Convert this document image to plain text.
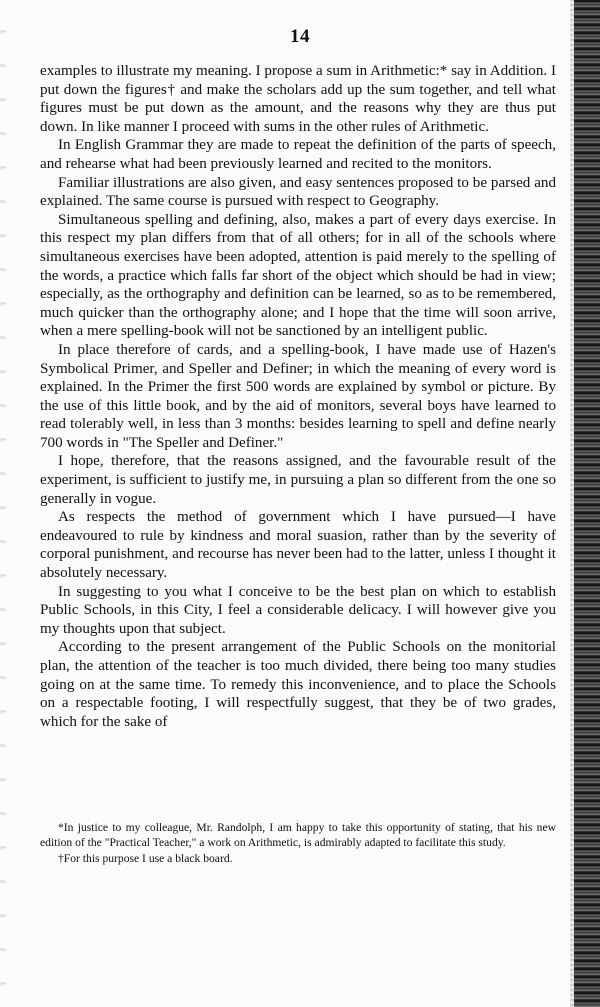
14

examples to illustrate my meaning. I propose a sum in Arithmetic:* say in Addition. I put down the figures† and make the scholars add up the sum together, and tell what figures must be put down as the amount, and the reasons why they are thus put down. In like manner I proceed with sums in the other rules of Arithmetic.

In English Grammar they are made to repeat the definition of the parts of speech, and rehearse what had been previously learned and recited to the monitors.

Familiar illustrations are also given, and easy sentences proposed to be parsed and explained. The same course is pursued with respect to Geography.

Simultaneous spelling and defining, also, makes a part of every days exercise. In this respect my plan differs from that of all others; for in all of the schools where simultaneous exercises have been adopted, attention is paid merely to the spelling of the words, a practice which falls far short of the object which should be had in view; especially, as the orthography and definition can be learned, so as to be remembered, much quicker than the orthography alone; and I hope that the time will soon arrive, when a mere spelling-book will not be sanctioned by an intelligent public.

In place therefore of cards, and a spelling-book, I have made use of Hazen's Symbolical Primer, and Speller and Definer; in which the meaning of every word is explained. In the Primer the first 500 words are explained by symbol or picture. By the use of this little book, and by the aid of monitors, several boys have learned to read tolerably well, in less than 3 months: besides learning to spell and define nearly 700 words in "The Speller and Definer."

I hope, therefore, that the reasons assigned, and the favourable result of the experiment, is sufficient to justify me, in pursuing a plan so different from the one so generally in vogue.

As respects the method of government which I have pursued—I have endeavoured to rule by kindness and moral suasion, rather than by the severity of corporal punishment, and recourse has never been had to the latter, unless I thought it absolutely necessary.

In suggesting to you what I conceive to be the best plan on which to establish Public Schools, in this City, I feel a considerable delicacy. I will however give you my thoughts upon that subject.

According to the present arrangement of the Public Schools on the monitorial plan, the attention of the teacher is too much divided, there being too many studies going on at the same time. To remedy this inconvenience, and to place the Schools on a respectable footing, I will respectfully suggest, that they be of two grades, which for the sake of

*In justice to my colleague, Mr. Randolph, I am happy to take this opportunity of stating, that his new edition of the "Practical Teacher," a work on Arithmetic, is admirably adapted to facilitate this study.

†For this purpose I use a black board.
